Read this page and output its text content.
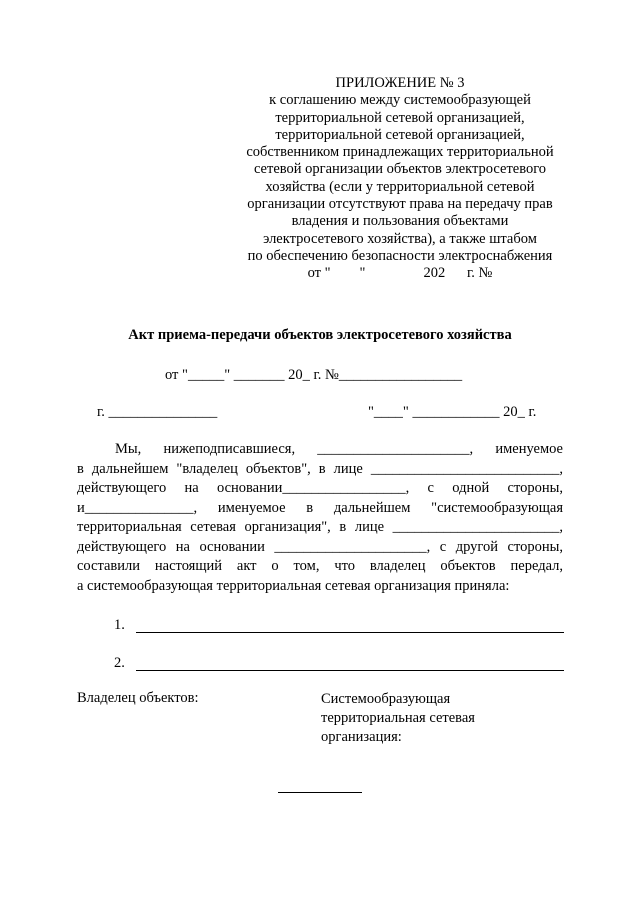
ПРИЛОЖЕНИЕ № 3
к соглашению между системообразующей
территориальной сетевой организацией,
территориальной сетевой организацией,
собственником принадлежащих территориальной
сетевой организации объектов электросетевого
хозяйства (если у территориальной сетевой
организации отсутствуют права на передачу прав
владения и пользования объектами
электросетевого хозяйства), а также штабом
по обеспечению безопасности электроснабжения
от "        "                202      г. №
Акт приема-передачи объектов электросетевого хозяйства
от "_____" _______ 20_ г. №_________________
г. _______________	"____" ____________ 20_ г.
Мы, нижеподписавшиеся, _____________________, именуемое
в дальнейшем "владелец объектов", в лице __________________________,
действующего на основании_________________, с одной стороны,
и_______________, именуемое в дальнейшем "системообразующая
территориальная сетевая организация", в лице _______________________,
действующего на основании _____________________, с другой стороны,
составили настоящий акт о том, что владелец объектов передал,
а системообразующая территориальная сетевая организация приняла:
1.
2.
Владелец объектов:	Системообразующая
территориальная сетевая
организация:
